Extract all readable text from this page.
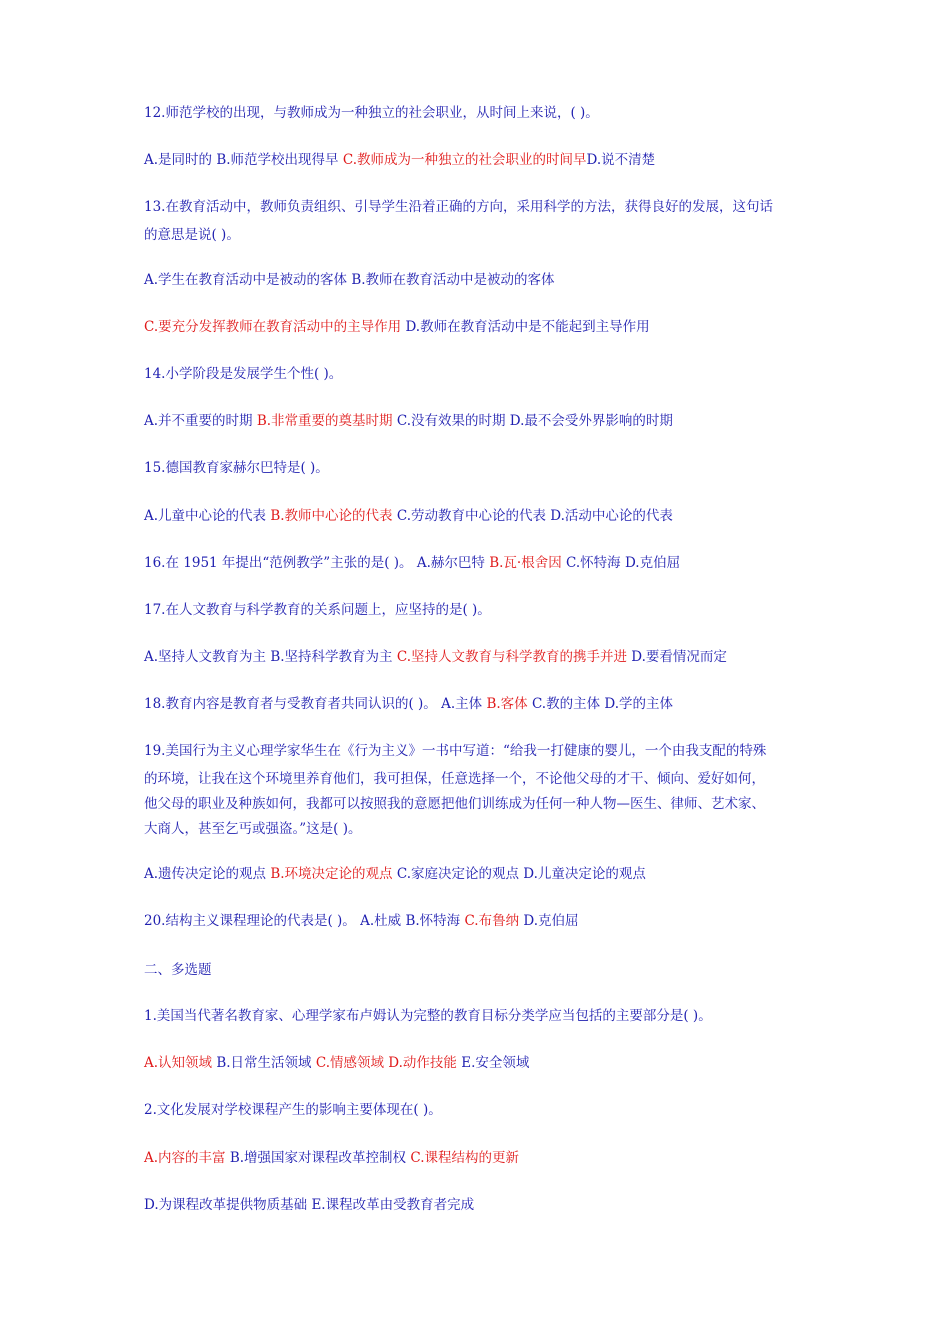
12.师范学校的出现，与教师成为一种独立的社会职业，从时间上来说，( )。

A.是同时的 B.师范学校出现得早 C.教师成为一种独立的社会职业的时间早D.说不清楚

13.在教育活动中，教师负责组织、引导学生沿着正确的方向，采用科学的方法，获得良好的发展，这句话

的意思是说( )。

A.学生在教育活动中是被动的客体 B.教师在教育活动中是被动的客体

C.要充分发挥教师在教育活动中的主导作用 D.教师在教育活动中是不能起到主导作用

14.小学阶段是发展学生个性( )。

A.并不重要的时期 B.非常重要的奠基时期 C.没有效果的时期 D.最不会受外界影响的时期

15.德国教育家赫尔巴特是( )。

A.儿童中心论的代表 B.教师中心论的代表 C.劳动教育中心论的代表 D.活动中心论的代表

16.在 1951 年提出“范例教学”主张的是( )。 A.赫尔巴特 B.瓦·根舍因 C.怀特海 D.克伯屈

17.在人文教育与科学教育的关系问题上，应坚持的是( )。

A.坚持人文教育为主 B.坚持科学教育为主 C.坚持人文教育与科学教育的携手并进 D.要看情况而定

18.教育内容是教育者与受教育者共同认识的( )。 A.主体 B.客体 C.教的主体 D.学的主体

19.美国行为主义心理学家华生在《行为主义》一书中写道：“给我一打健康的婴儿，一个由我支配的特殊

的环境，让我在这个环境里养育他们，我可担保，任意选择一个，不论他父母的才干、倾向、爱好如何，

他父母的职业及种族如何，我都可以按照我的意愿把他们训练成为任何一种人物—医生、律师、艺术家、

大商人，甚至乞丐或强盗。”这是( )。

A.遗传决定论的观点 B.环境决定论的观点 C.家庭决定论的观点 D.儿童决定论的观点

20.结构主义课程理论的代表是( )。 A.杜威 B.怀特海 C.布鲁纳 D.克伯屈

二、多选题

1.美国当代著名教育家、心理学家布卢姆认为完整的教育目标分类学应当包括的主要部分是( )。

A.认知领域 B.日常生活领域 C.情感领域 D.动作技能 E.安全领域

2.文化发展对学校课程产生的影响主要体现在( )。

A.内容的丰富 B.增强国家对课程改革控制权 C.课程结构的更新

D.为课程改革提供物质基础 E.课程改革由受教育者完成
